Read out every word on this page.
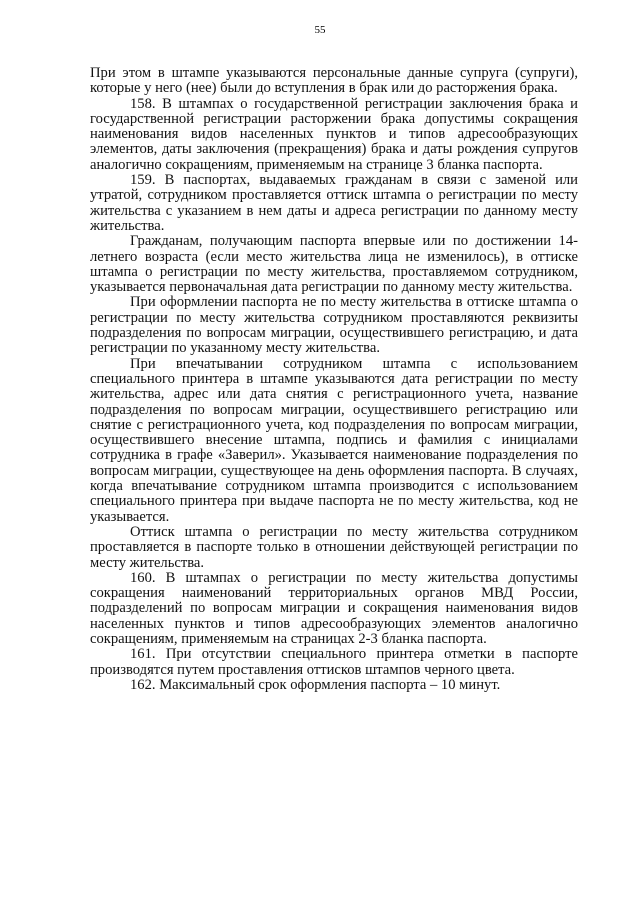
55

При этом в штампе указываются персональные данные супруга (супруги), которые у него (нее) были до вступления в брак или до расторжения брака.

158. В штампах о государственной регистрации заключения брака и государственной регистрации расторжении брака допустимы сокращения наименования видов населенных пунктов и типов адресообразующих элементов, даты заключения (прекращения) брака и даты рождения супругов аналогично сокращениям, применяемым на странице 3 бланка паспорта.

159. В паспортах, выдаваемых гражданам в связи с заменой или утратой, сотрудником проставляется оттиск штампа о регистрации по месту жительства с указанием в нем даты и адреса регистрации по данному месту жительства.

Гражданам, получающим паспорта впервые или по достижении 14-летнего возраста (если место жительства лица не изменилось), в оттиске штампа о регистрации по месту жительства, проставляемом сотрудником, указывается первоначальная дата регистрации по данному месту жительства.

При оформлении паспорта не по месту жительства в оттиске штампа о регистрации по месту жительства сотрудником проставляются реквизиты подразделения по вопросам миграции, осуществившего регистрацию, и дата регистрации по указанному месту жительства.

При впечатывании сотрудником штампа с использованием специального принтера в штампе указываются дата регистрации по месту жительства, адрес или дата снятия с регистрационного учета, название подразделения по вопросам миграции, осуществившего регистрацию или снятие с регистрационного учета, код подразделения по вопросам миграции, осуществившего внесение штампа, подпись и фамилия с инициалами сотрудника в графе «Заверил». Указывается наименование подразделения по вопросам миграции, существующее на день оформления паспорта. В случаях, когда впечатывание сотрудником штампа производится с использованием специального принтера при выдаче паспорта не по месту жительства, код не указывается.

Оттиск штампа о регистрации по месту жительства сотрудником проставляется в паспорте только в отношении действующей регистрации по месту жительства.

160. В штампах о регистрации по месту жительства допустимы сокращения наименований территориальных органов МВД России, подразделений по вопросам миграции и сокращения наименования видов населенных пунктов и типов адресообразующих элементов аналогично сокращениям, применяемым на страницах 2-3 бланка паспорта.

161. При отсутствии специального принтера отметки в паспорте производятся путем проставления оттисков штампов черного цвета.

162. Максимальный срок оформления паспорта – 10 минут.
